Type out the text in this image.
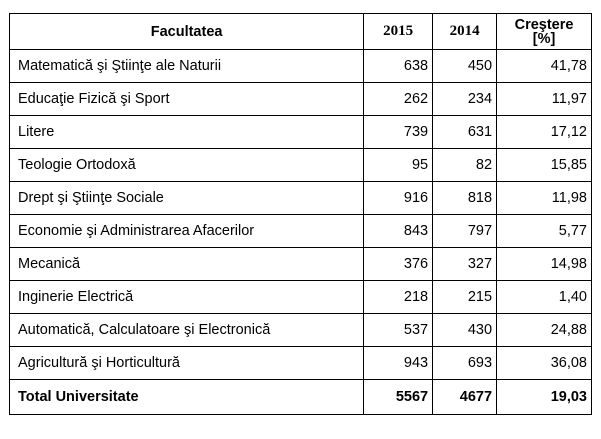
Facultatea	2015	2014	Creştere
[%]

Matematică şi Ştiinţe ale Naturii	638	450	41,78
Educaţie Fizică şi Sport	262	234	11,97
Litere	739	631	17,12
Teologie Ortodoxă	95	82	15,85
Drept şi Ştiinţe Sociale	916	818	11,98
Economie şi Administrarea Afacerilor	843	797	5,77
Mecanică	376	327	14,98
Inginerie Electrică	218	215	1,40
Automatică, Calculatoare şi Electronică	537	430	24,88
Agricultură şi Horticultură	943	693	36,08
Total Universitate	5567	4677	19,03
